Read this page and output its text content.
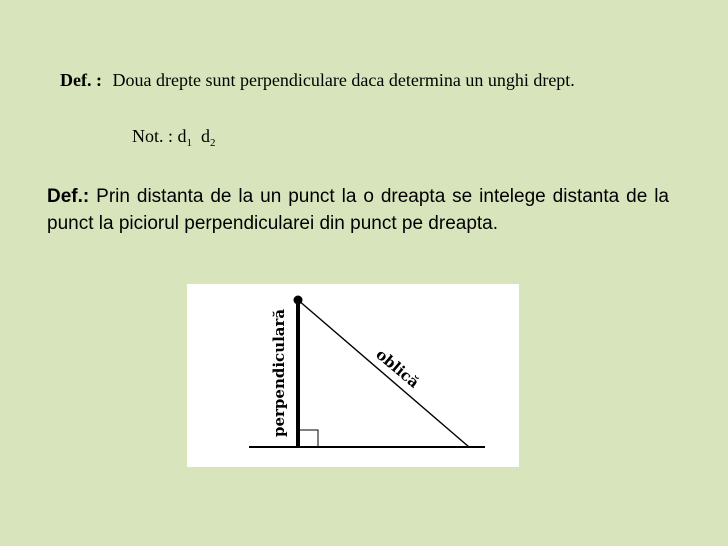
Def. : Doua drepte sunt perpendiculare daca determina un unghi drept.
Not. : $d_1$ $d_2$
Def.: Prin distanta de la un punct la o dreapta se intelege distanta de la punct la piciorul perpendicularei din punct pe dreapta.
perpendiculară	oblică
